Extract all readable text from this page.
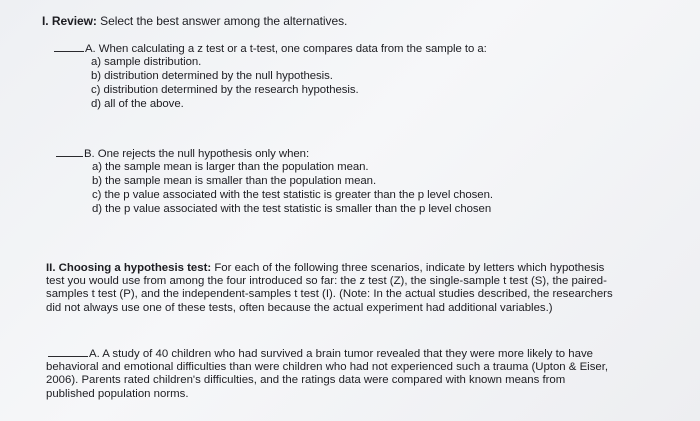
I. Review: Select the best answer among the alternatives.
A. When calculating a z test or a t-test, one compares data from the sample to a:
a) sample distribution.
b) distribution determined by the null hypothesis.
c) distribution determined by the research hypothesis.
d) all of the above.
B. One rejects the null hypothesis only when:
a) the sample mean is larger than the population mean.
b) the sample mean is smaller than the population mean.
c) the p value associated with the test statistic is greater than the p level chosen.
d) the p value associated with the test statistic is smaller than the p level chosen

II. Choosing a hypothesis test: For each of the following three scenarios, indicate by letters which hypothesis

test you would use from among the four introduced so far: the z test (Z), the single-sample t test (S), the paired-

samples t test (P), and the independent-samples t test (I). (Note: In the actual studies described, the researchers

did not always use one of these tests, often because the actual experiment had additional variables.)

A. A study of 40 children who had survived a brain tumor revealed that they were more likely to have

behavioral and emotional difficulties than were children who had not experienced such a trauma (Upton & Eiser,

2006). Parents rated children's difficulties, and the ratings data were compared with known means from

published population norms.
